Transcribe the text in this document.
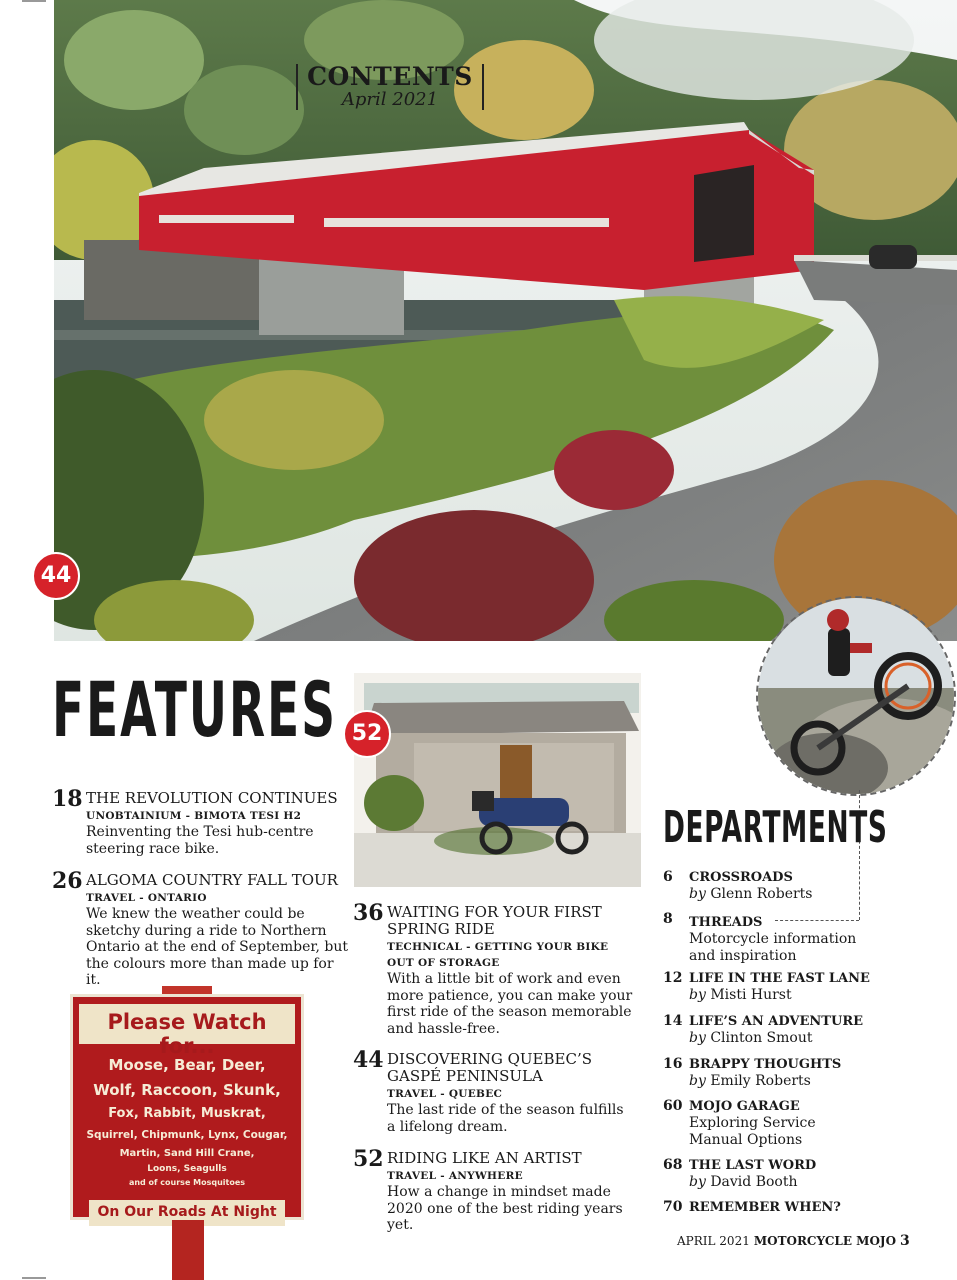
CONTENTS
April 2021
44
FEATURES
18 THE REVOLUTION CONTINUES
UNOBTAINIUM - BIMOTA TESI H2
Reinventing the Tesi hub-centre
steering race bike.
26 ALGOMA COUNTRY FALL TOUR
TRAVEL - ONTARIO
We knew the weather could be
sketchy during a ride to Northern
Ontario at the end of September, but
the colours more than made up for it.
36 WAITING FOR YOUR FIRST
SPRING RIDE
TECHNICAL - GETTING YOUR BIKE
OUT OF STORAGE
With a little bit of work and even
more patience, you can make your
first ride of the season memorable
and hassle-free.
44 DISCOVERING QUEBEC’S
GASPÉ PENINSULA
TRAVEL - QUEBEC
The last ride of the season fulfills
a lifelong dream.
52 RIDING LIKE AN ARTIST
TRAVEL - ANYWHERE
How a change in mindset made
2020 one of the best riding years yet.
52
DEPARTMENTS
6 CROSSROADS
by Glenn Roberts
8 THREADS
Motorcycle information
and inspiration
12 LIFE IN THE FAST LANE
by Misti Hurst
14 LIFE’S AN ADVENTURE
by Clinton Smout
16 BRAPPY THOUGHTS
by Emily Roberts
60 MOJO GARAGE
Exploring Service
Manual Options
68 THE LAST WORD
by David Booth
70 REMEMBER WHEN?
Please Watch for...
Moose, Bear, Deer,
Wolf, Raccoon, Skunk,
Fox, Rabbit, Muskrat,
Squirrel, Chipmunk, Lynx, Cougar,
Martin, Sand Hill Crane,
Loons, Seagulls
and of course Mosquitoes
On Our Roads At Night
APRIL 2021 MOTORCYCLE MOJO 3
